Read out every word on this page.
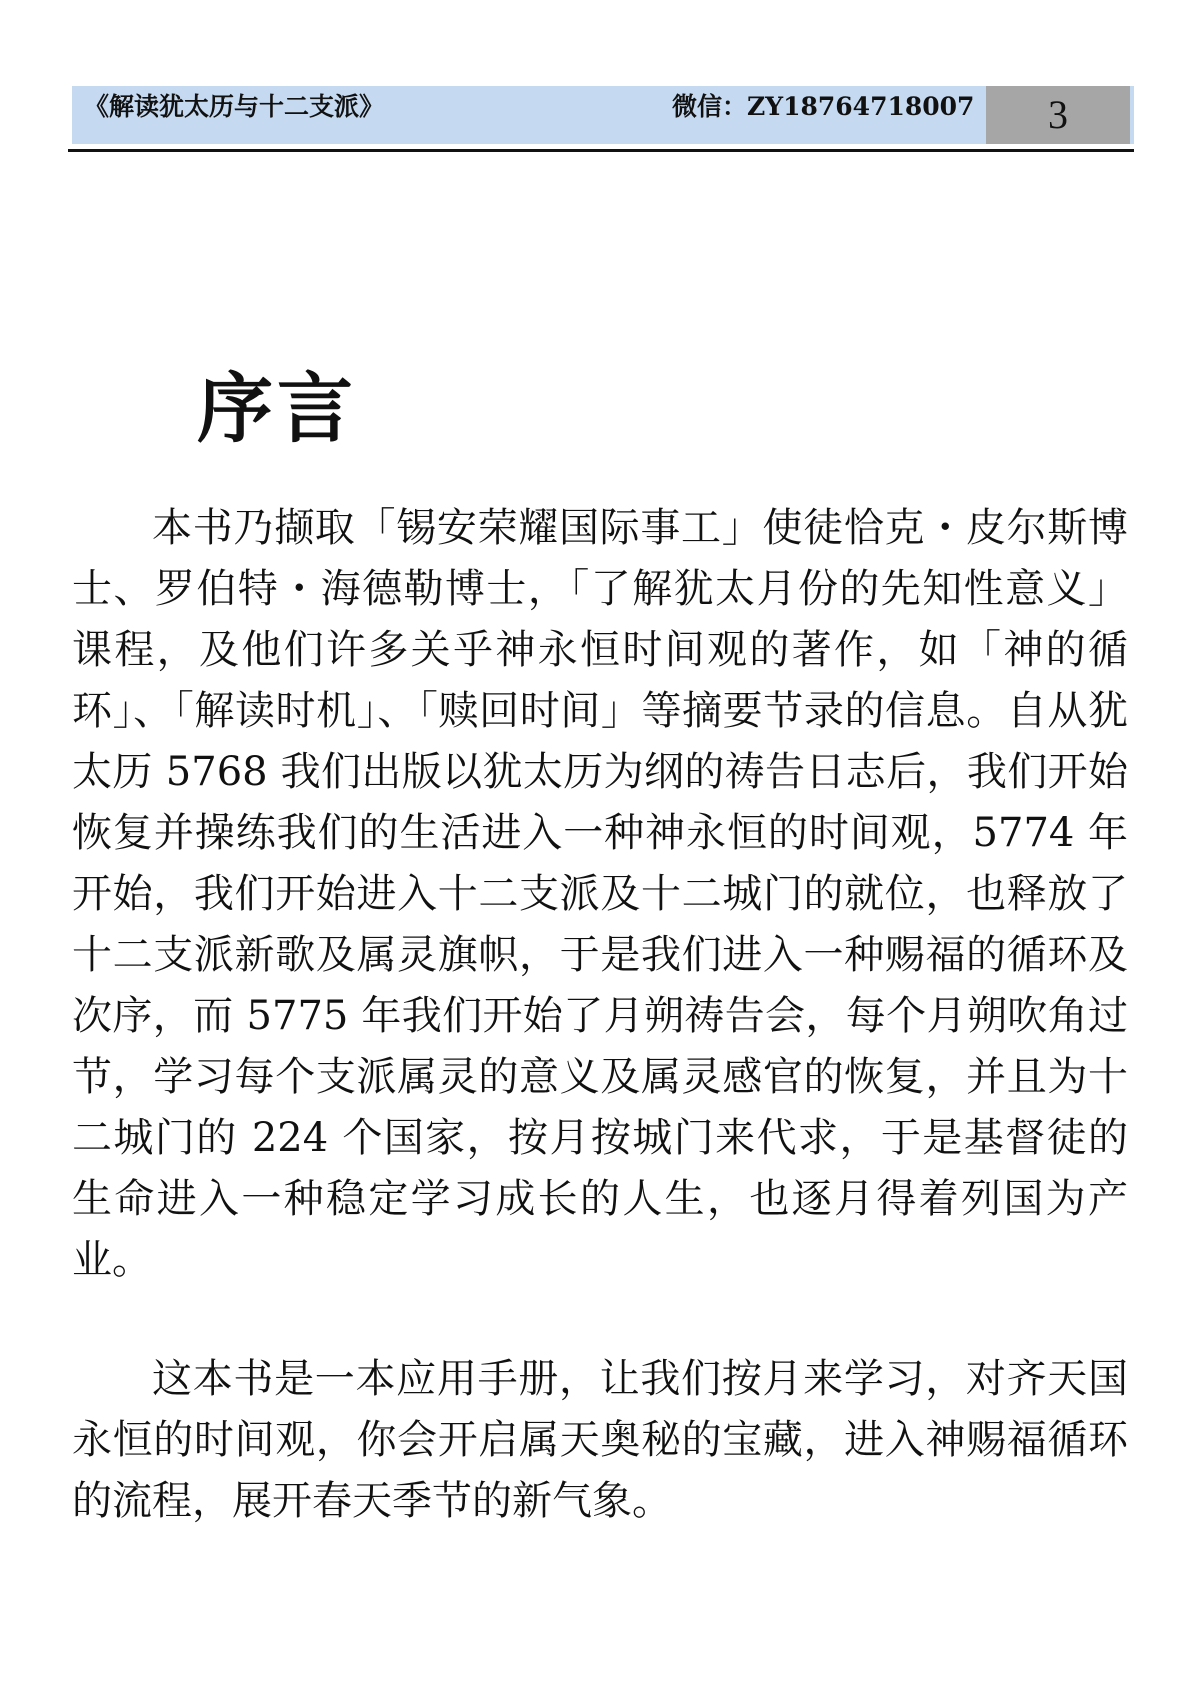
《解读犹太历与十二支派》	微信：ZY18764718007	3
序言

本书乃撷取「锡安荣耀国际事工」使徒恰克・皮尔斯博士、罗伯特・海德勒博士，「了解犹太月份的先知性意义」课程，及他们许多关乎神永恒时间观的著作，如「神的循环」、「解读时机」、「赎回时间」等摘要节录的信息。自从犹太历 5768 我们出版以犹太历为纲的祷告日志后，我们开始恢复并操练我们的生活进入一种神永恒的时间观，5774 年开始，我们开始进入十二支派及十二城门的就位，也释放了十二支派新歌及属灵旗帜，于是我们进入一种赐福的循环及次序，而 5775 年我们开始了月朔祷告会，每个月朔吹角过节，学习每个支派属灵的意义及属灵感官的恢复，并且为十二城门的 224 个国家，按月按城门来代求，于是基督徒的生命进入一种稳定学习成长的人生，也逐月得着列国为产业。

这本书是一本应用手册，让我们按月来学习，对齐天国永恒的时间观，你会开启属天奥秘的宝藏，进入神赐福循环的流程，展开春天季节的新气象。
